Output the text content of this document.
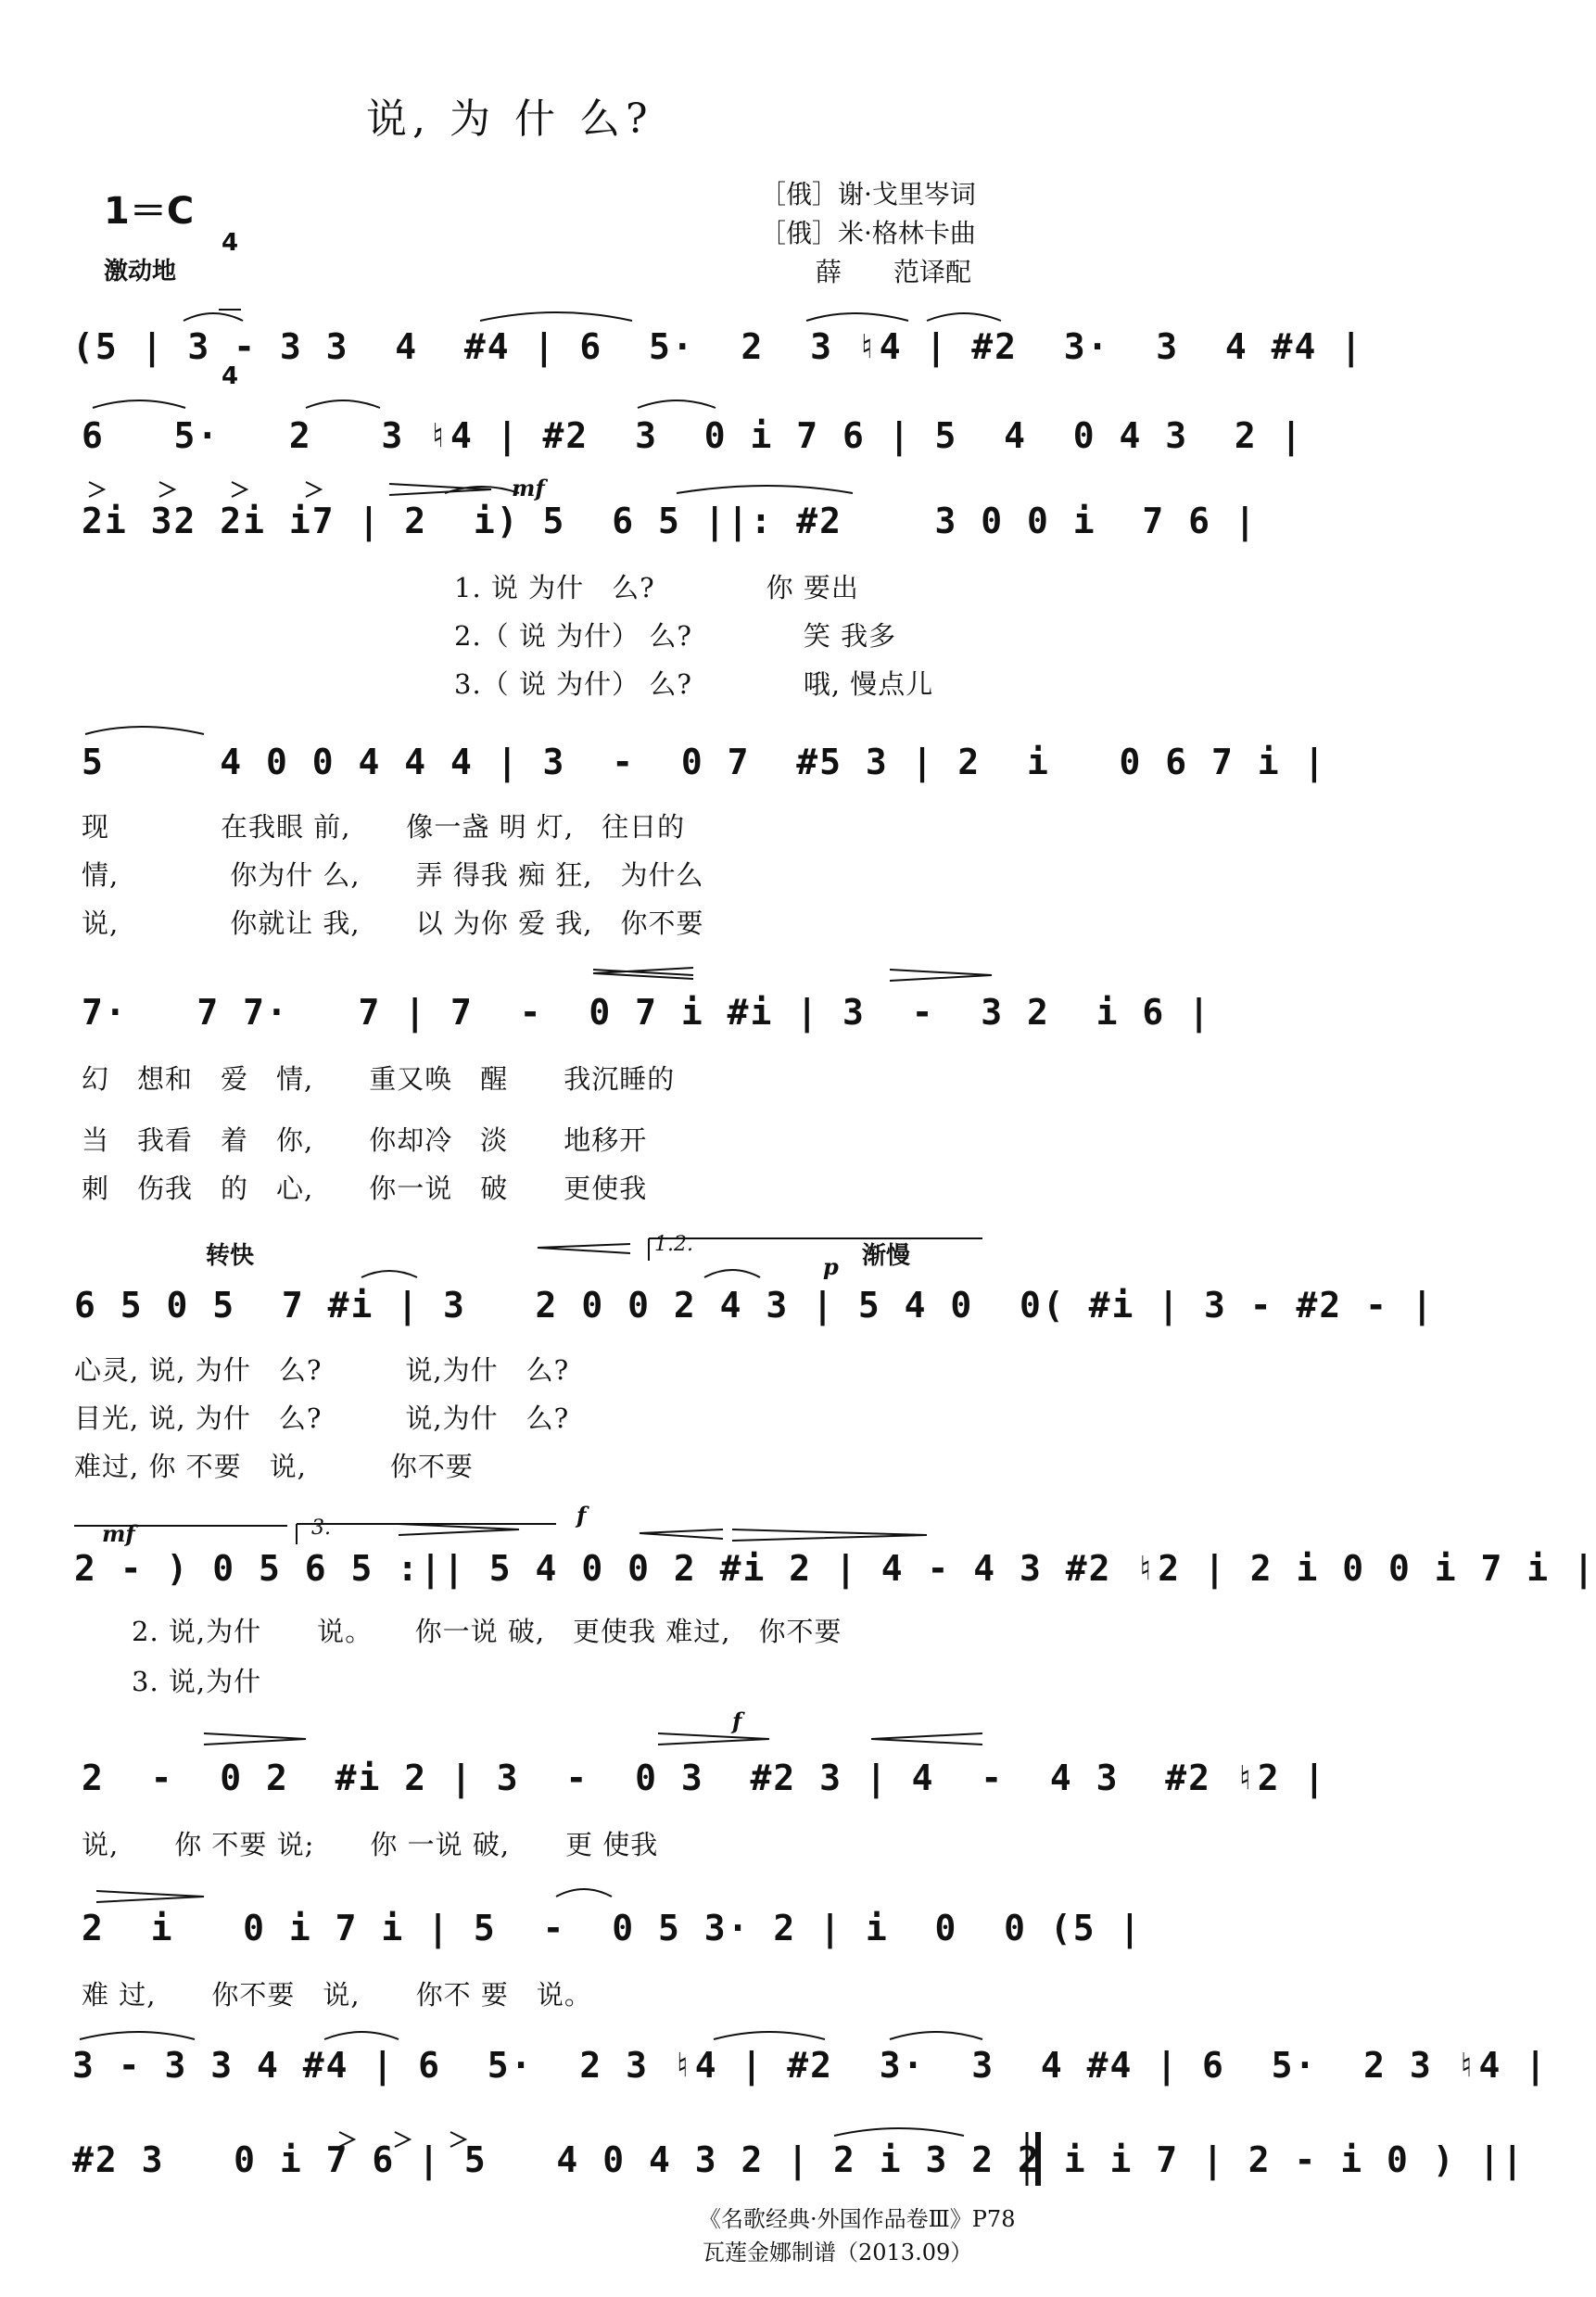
说, 为 什 么?
1＝C

4

4

激动地
［俄］谢·戈里岑词
［俄］米·格林卡曲
薛　　范译配
(5 | 3 - 3 3  4  #4 | 6  5·  2  3 ♮4 | #2  3·  3  4 #4 |
6   5·   2   3 ♮4 | #2  3  0 i 7 6 | 5  4  0 4 3  2 |
mf
2i 32 2i i7 | 2  i) 5  6 5 ||: #2    3 0 0 i  7 6 |
1. 说 为什　么?　　　　你 要出
2.（ 说 为什） 么?　　　　笑 我多
3.（ 说 为什） 么?　　　　哦, 慢点儿
5     4 0 0 4 4 4 | 3  -  0 7  #5 3 | 2  i   0 6 7 i |
现　　　　在我眼 前,　　像一盏 明 灯,　往日的
情,　　　　你为什 么,　　弄 得我 痴 狂,　为什么
说,　　　　你就让 我,　　以 为你 爱 我,　你不要
7·   7 7·   7 | 7  -  0 7 i #i | 3  -  3 2  i 6 |
幻　想和　爱　情,　　重又唤　醒　　我沉睡的
当　我看　着　你,　　你却冷　淡　　地移开
刺　伤我　的　心,　　你一说　破　　更使我
转快	1.2.
p 渐慢
6 5 0 5  7 #i | 3   2 0 0 2 4 3 | 5 4 0  0( #i | 3 - #2 - |
心灵, 说, 为什　么?　　　说,为什　么?
目光, 说, 为什　么?　　　说,为什　么?
难过, 你 不要　说,　　　你不要
mf	3.	f
2 - ) 0 5 6 5 :|| 5 4 0 0 2 #i 2 | 4 - 4 3 #2 ♮2 | 2 i 0 0 i 7 i |
2. 说,为什　　说。　　你一说 破,　更使我 难过,　你不要
3. 说,为什
f
2  -  0 2  #i 2 | 3  -  0 3  #2 3 | 4  -  4 3  #2 ♮2 |
说,　　你 不要 说;　　你 一说 破,　　更 使我
2  i   0 i 7 i | 5  -  0 5 3· 2 | i  0  0 (5 |
难 过,　　你不要　说,　　你不 要　说。
3 - 3 3 4 #4 | 6  5·  2 3 ♮4 | #2  3·  3  4 #4 | 6  5·  2 3 ♮4 |
#2 3   0 i 7 6 | 5   4 0 4 3 2 | 2 i 3 2 2 i i 7 | 2 - i 0 ) ||
《名歌经典·外国作品卷Ⅲ》P78
瓦莲金娜制谱（2013.09）
